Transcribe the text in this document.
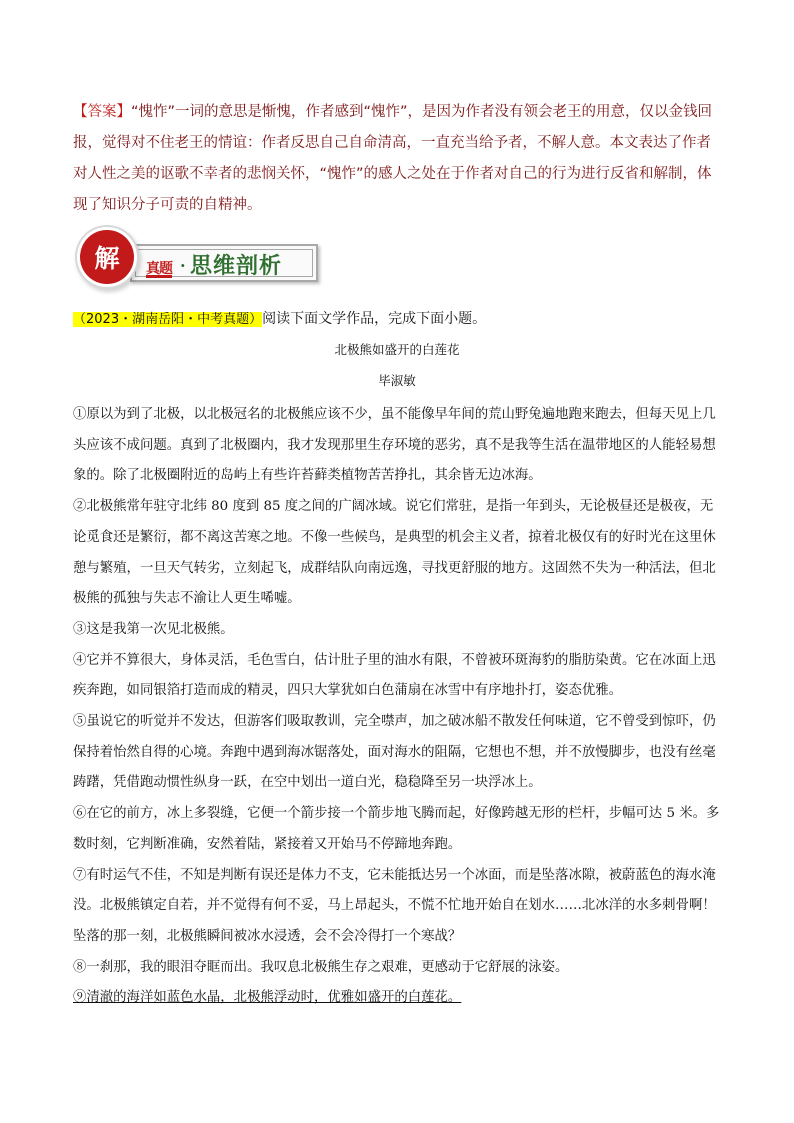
【答案】“愧怍”一词的意思是惭愧，作者感到“愧怍”，是因为作者没有领会老王的用意，仅以金钱回报，觉得对不住老王的情谊：作者反思自己自命清高，一直充当给予者，不解人意。本文表达了作者对人性之美的讴歌不幸者的悲悯关怀，“愧怍”的感人之处在于作者对自己的行为进行反省和解制，体现了知识分子可责的自精神。

真题 · 思维剖析
解

（2023・湖南岳阳・中考真题）阅读下面文学作品，完成下面小题。

北极熊如盛开的白莲花

毕淑敏

①原以为到了北极，以北极冠名的北极熊应该不少，虽不能像早年间的荒山野兔遍地跑来跑去，但每天见上几头应该不成问题。真到了北极圈内，我才发现那里生存环境的恶劣，真不是我等生活在温带地区的人能轻易想象的。除了北极圈附近的岛屿上有些许苔藓类植物苦苦挣扎，其余皆无边冰海。
②北极熊常年驻守北纬 80 度到 85 度之间的广阔冰域。说它们常驻，是指一年到头，无论极昼还是极夜，无论觅食还是繁衍，都不离这苦寒之地。不像一些候鸟，是典型的机会主义者，掠着北极仅有的好时光在这里休憩与繁殖，一旦天气转劣，立刻起飞，成群结队向南远逸，寻找更舒服的地方。这固然不失为一种活法，但北极熊的孤独与失志不渝让人更生唏嘘。
③这是我第一次见北极熊。
④它并不算很大，身体灵活，毛色雪白，估计肚子里的油水有限，不曾被环斑海豹的脂肪染黄。它在冰面上迅疾奔跑，如同银箔打造而成的精灵，四只大掌犹如白色蒲扇在冰雪中有序地扑打，姿态优雅。
⑤虽说它的听觉并不发达，但游客们吸取教训，完全噤声，加之破冰船不散发任何味道，它不曾受到惊吓，仍保持着怡然自得的心境。奔跑中遇到海冰锯落处，面对海水的阻隔，它想也不想，并不放慢脚步，也没有丝毫踌躇，凭借跑动惯性纵身一跃，在空中划出一道白光，稳稳降至另一块浮冰上。
⑥在它的前方，冰上多裂缝，它便一个箭步接一个箭步地飞腾而起，好像跨越无形的栏杆，步幅可达 5 米。多数时刻，它判断准确，安然着陆，紧接着又开始马不停蹄地奔跑。
⑦有时运气不佳，不知是判断有误还是体力不支，它未能抵达另一个冰面，而是坠落冰隙，被蔚蓝色的海水淹没。北极熊镇定自若，并不觉得有何不妥，马上昂起头，不慌不忙地开始自在划水……北冰洋的水多刺骨啊！坠落的那一刻，北极熊瞬间被冰水浸透，会不会冷得打一个寒战？
⑧一刹那，我的眼泪夺眶而出。我叹息北极熊生存之艰难，更感动于它舒展的泳姿。
⑨清澈的海洋如蓝色水晶，北极熊浮动时，优雅如盛开的白莲花。
